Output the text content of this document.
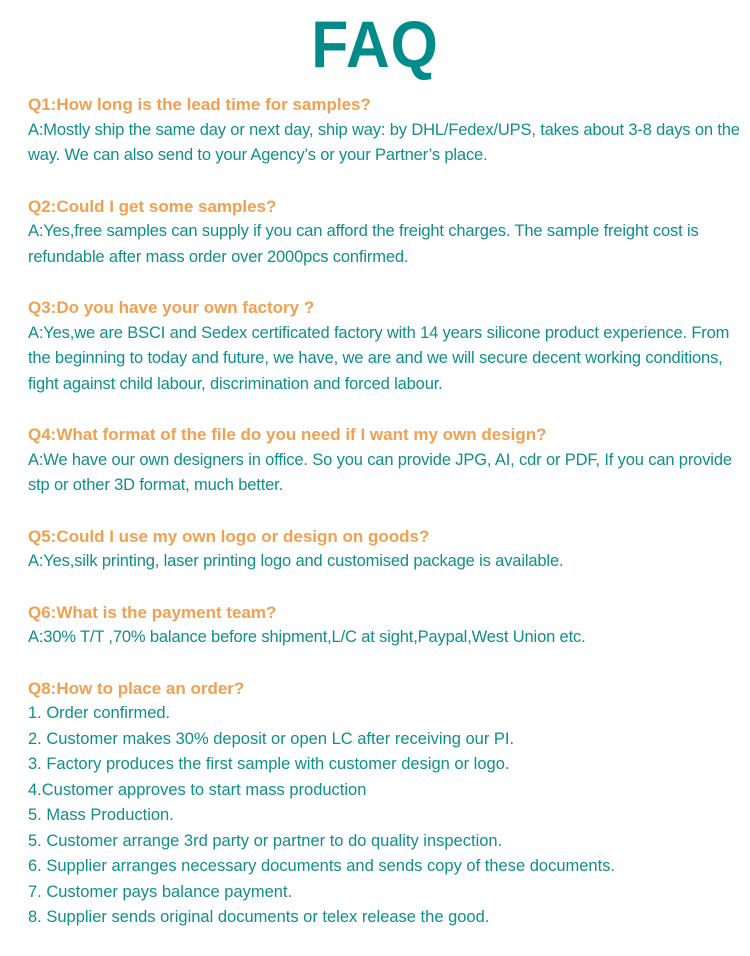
FAQ
Q1:How long is the lead time for samples?
A:Mostly ship the same day or next day, ship way: by DHL/Fedex/UPS, takes about 3-8 days on the way. We can also send to your Agency’s or your Partner’s place.
Q2:Could I get some samples?
A:Yes,free samples can supply if you can afford the freight charges. The sample freight cost is refundable after mass order over 2000pcs confirmed.
Q3:Do you have your own factory ?
A:Yes,we are BSCI and Sedex certificated factory with 14 years silicone product experience. From the beginning to today and future, we have, we are and we will secure decent working conditions, fight against child labour, discrimination and forced labour.
Q4:What format of the file do you need if I want my own design?
A:We have our own designers in office. So you can provide JPG, AI, cdr or PDF, If you can provide stp or other 3D format, much better.
Q5:Could I use my own logo or design on goods?
A:Yes,silk printing, laser printing logo and customised package is available.
Q6:What is the payment team?
A:30% T/T ,70% balance before shipment,L/C at sight,Paypal,West Union etc.
Q8:How to place an order?
1. Order confirmed.
2. Customer makes 30% deposit or open LC after receiving our PI.
3. Factory produces the first sample with customer design or logo.
4.Customer approves to start mass production
5. Mass Production.
5. Customer arrange 3rd party or partner to do quality inspection.
6. Supplier arranges necessary documents and sends copy of these documents.
7. Customer pays balance payment.
8. Supplier sends original documents or telex release the good.
